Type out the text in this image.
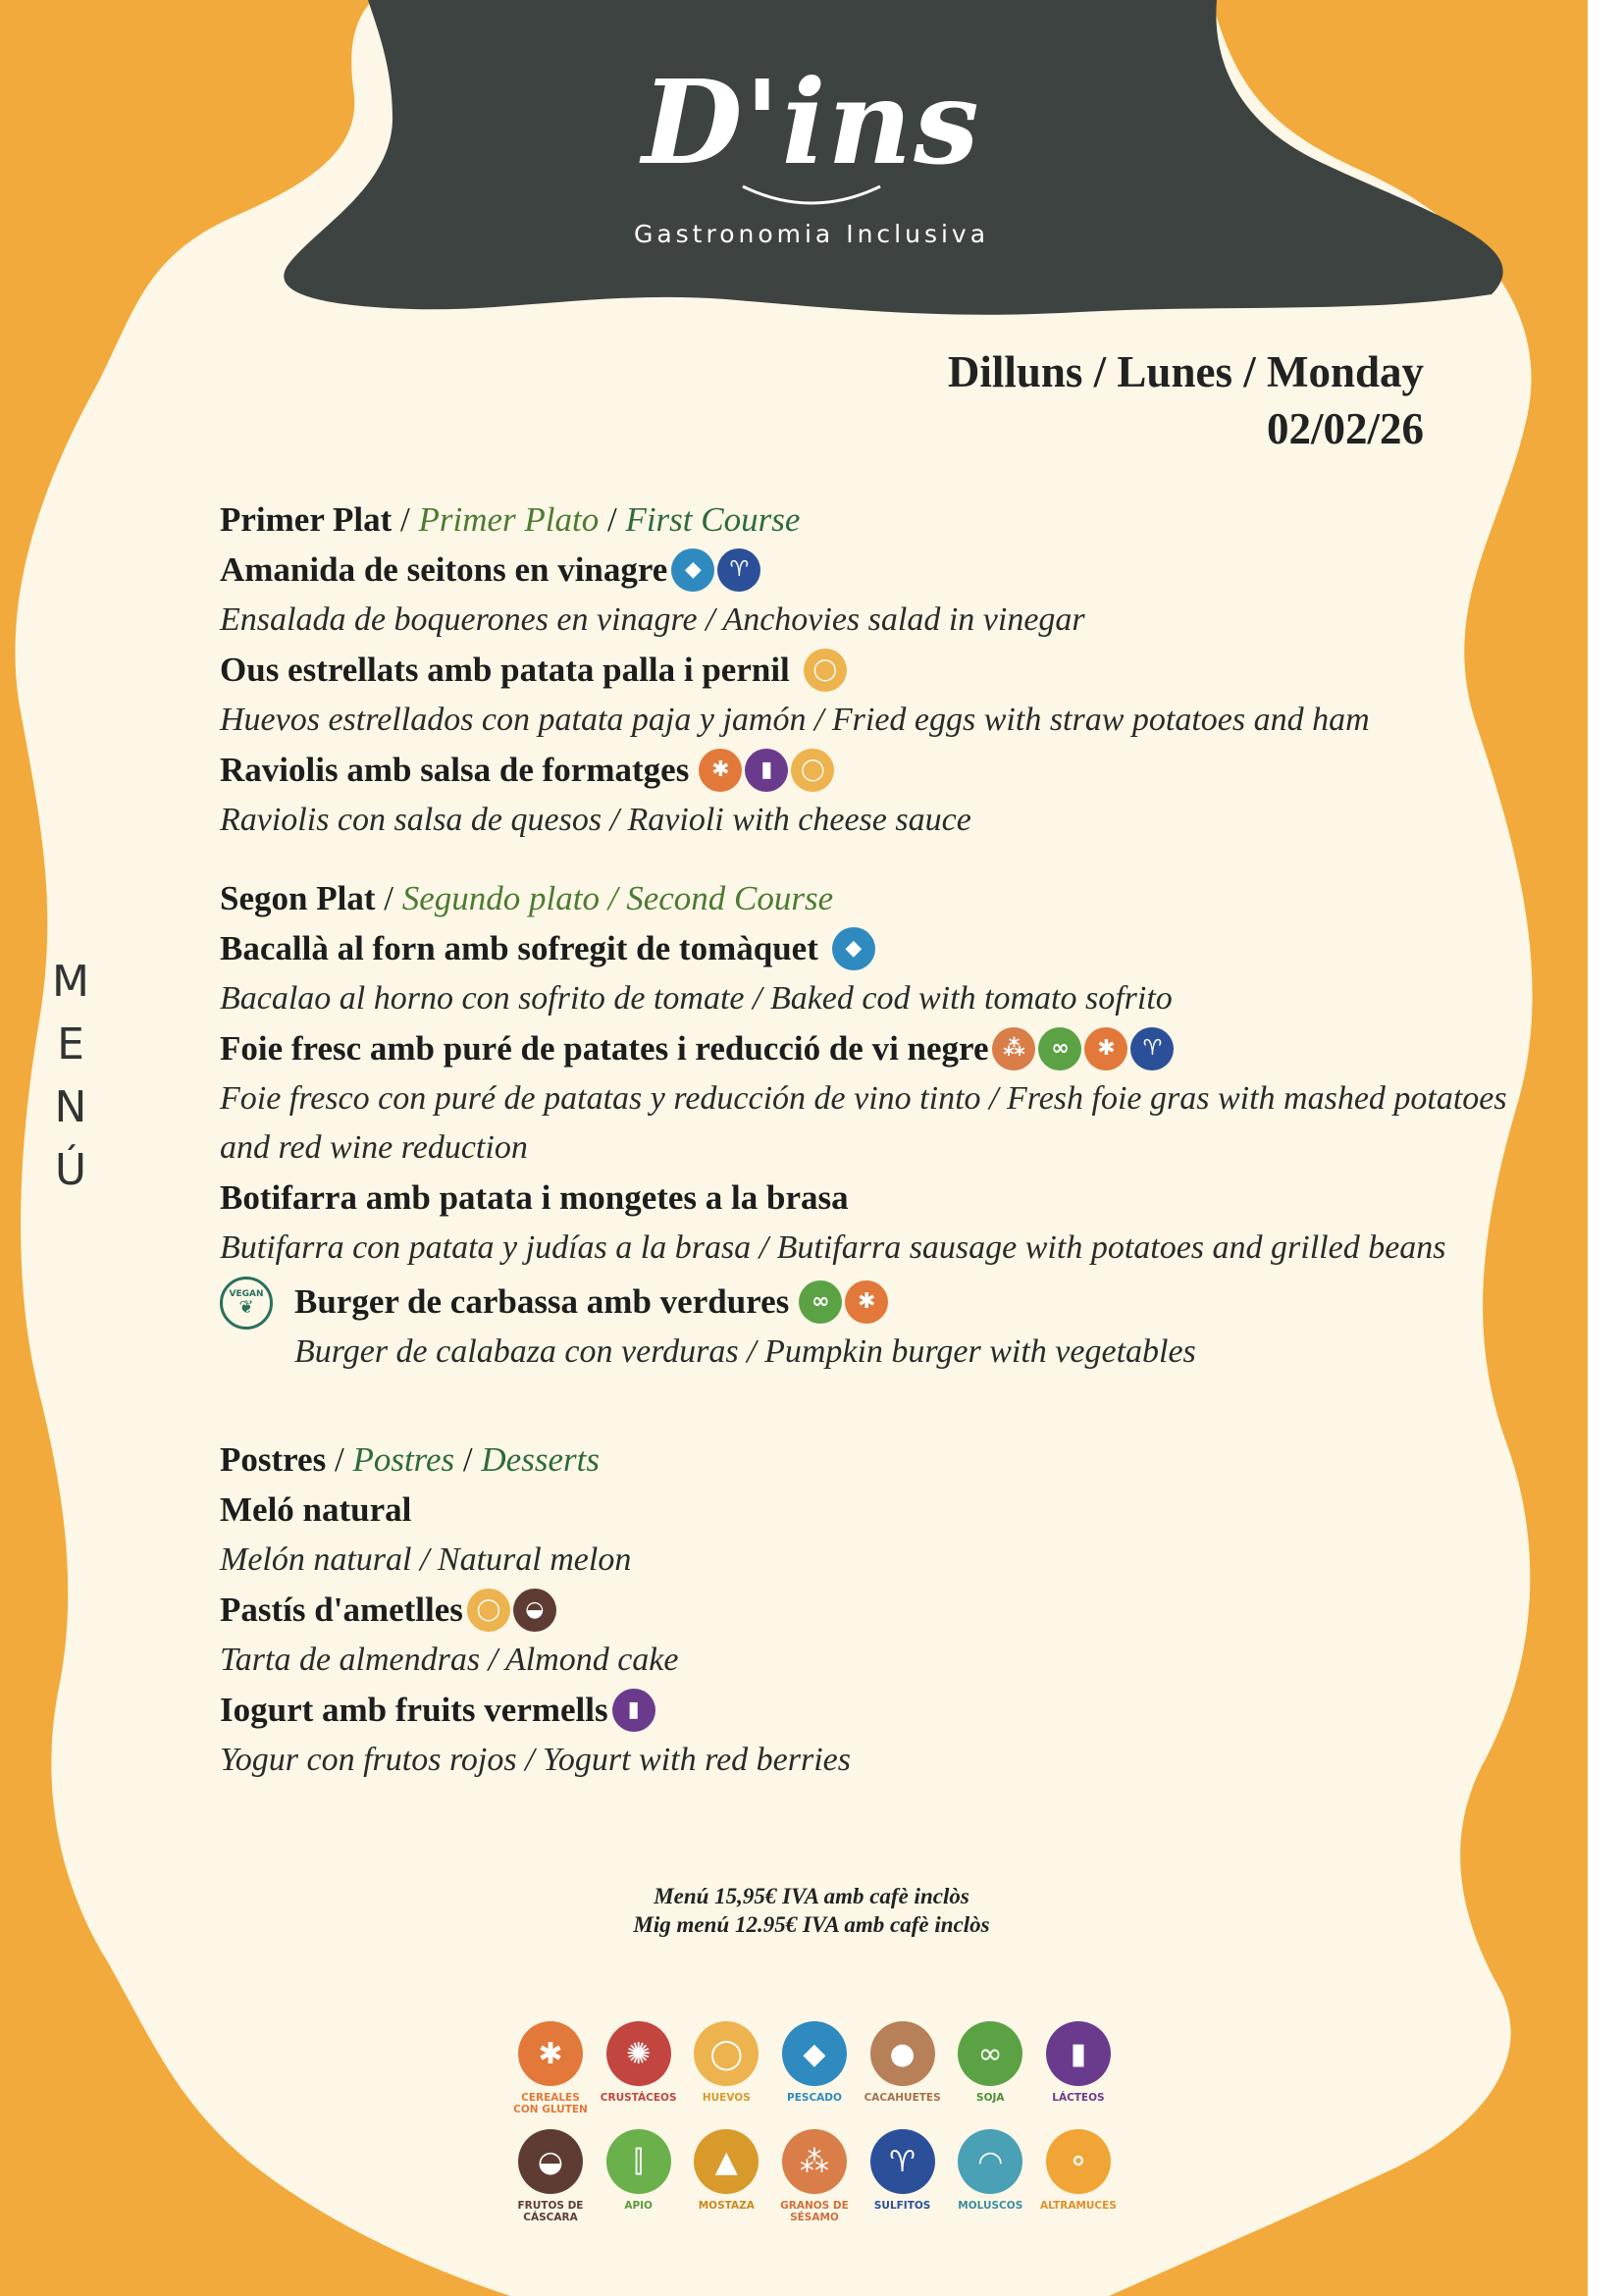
D'ins
Gastronomia Inclusiva
Dilluns / Lunes / Monday
02/02/26
M
E
N
Ú
Primer Plat / Primer Plato / First Course
Amanida de seitons en vinagre ◆	♈
Ensalada de boquerones en vinagre / Anchovies salad in vinegar
Ous estrellats amb patata palla i pernil	◯
Huevos estrellados con patata paja y jamón / Fried eggs with straw potatoes and ham
Raviolis amb salsa de formatges	✱	▮	◯
Raviolis con salsa de quesos / Ravioli with cheese sauce
Segon Plat / Segundo plato / Second Course
Bacallà al forn amb sofregit de tomàquet	◆
Bacalao al horno con sofrito de tomate / Baked cod with tomato sofrito
Foie fresc amb puré de patates i reducció de vi negre ⁂	∞	✱	♈
Foie fresco con puré de patatas y reducción de vino tinto / Fresh foie gras with mashed potatoes and red wine reduction
Botifarra amb patata i mongetes a la brasa
Butifarra con patata y judías a la brasa / Butifarra sausage with potatoes and grilled beans
VEGAN
❦ Burger de carbassa amb verdures	∞	✱
Burger de calabaza con verduras / Pumpkin burger with vegetables
Postres / Postres / Desserts
Meló natural
Melón natural / Natural melon
Pastís d'ametlles ◯	◒
Tarta de almendras / Almond cake
Iogurt amb fruits vermells ▮
Yogur con frutos rojos / Yogurt with red berries
Menú 15,95€ IVA amb cafè inclòs
Mig menú 12.95€ IVA amb cafè inclòs
✱
CEREALES CON GLUTEN
✺
CRUSTÁCEOS
◯
HUEVOS
◆
PESCADO
●
CACAHUETES
∞
SOJA
▮
LÁCTEOS
◒
FRUTOS DE CÁSCARA
⫿
APIO
▲
MOSTAZA
⁂
GRANOS DE SÉSAMO
♈
SULFITOS
◠
MOLUSCOS
⚬
ALTRAMUCES
